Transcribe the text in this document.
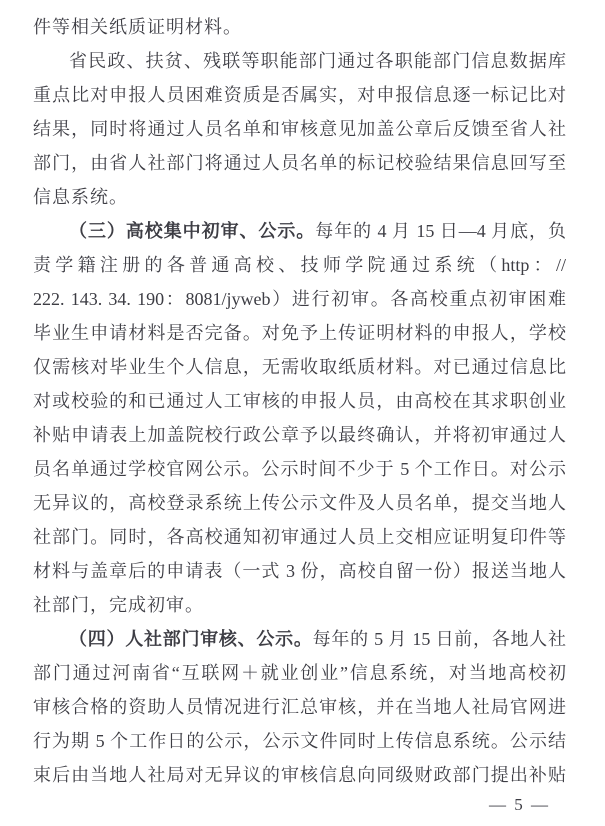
件等相关纸质证明材料。
省民政、扶贫、残联等职能部门通过各职能部门信息数据库
重点比对申报人员困难资质是否属实，对申报信息逐一标记比对
结果，同时将通过人员名单和审核意见加盖公章后反馈至省人社
部门，由省人社部门将通过人员名单的标记校验结果信息回写至
信息系统。
（三）高校集中初审、公示。每年的 4 月 15 日—4 月底，负
责学籍注册的各普通高校、技师学院通过系统（http：//
222. 143. 34. 190：8081/jyweb）进行初审。各高校重点初审困难
毕业生申请材料是否完备。对免予上传证明材料的申报人，学校
仅需核对毕业生个人信息，无需收取纸质材料。对已通过信息比
对或校验的和已通过人工审核的申报人员，由高校在其求职创业
补贴申请表上加盖院校行政公章予以最终确认，并将初审通过人
员名单通过学校官网公示。公示时间不少于 5 个工作日。对公示
无异议的，高校登录系统上传公示文件及人员名单，提交当地人
社部门。同时，各高校通知初审通过人员上交相应证明复印件等
材料与盖章后的申请表（一式 3 份，高校自留一份）报送当地人
社部门，完成初审。
（四）人社部门审核、公示。每年的 5 月 15 日前，各地人社
部门通过河南省“互联网＋就业创业”信息系统，对当地高校初
审核合格的资助人员情况进行汇总审核，并在当地人社局官网进
行为期 5 个工作日的公示，公示文件同时上传信息系统。公示结
束后由当地人社局对无异议的审核信息向同级财政部门提出补贴
— 5 —
